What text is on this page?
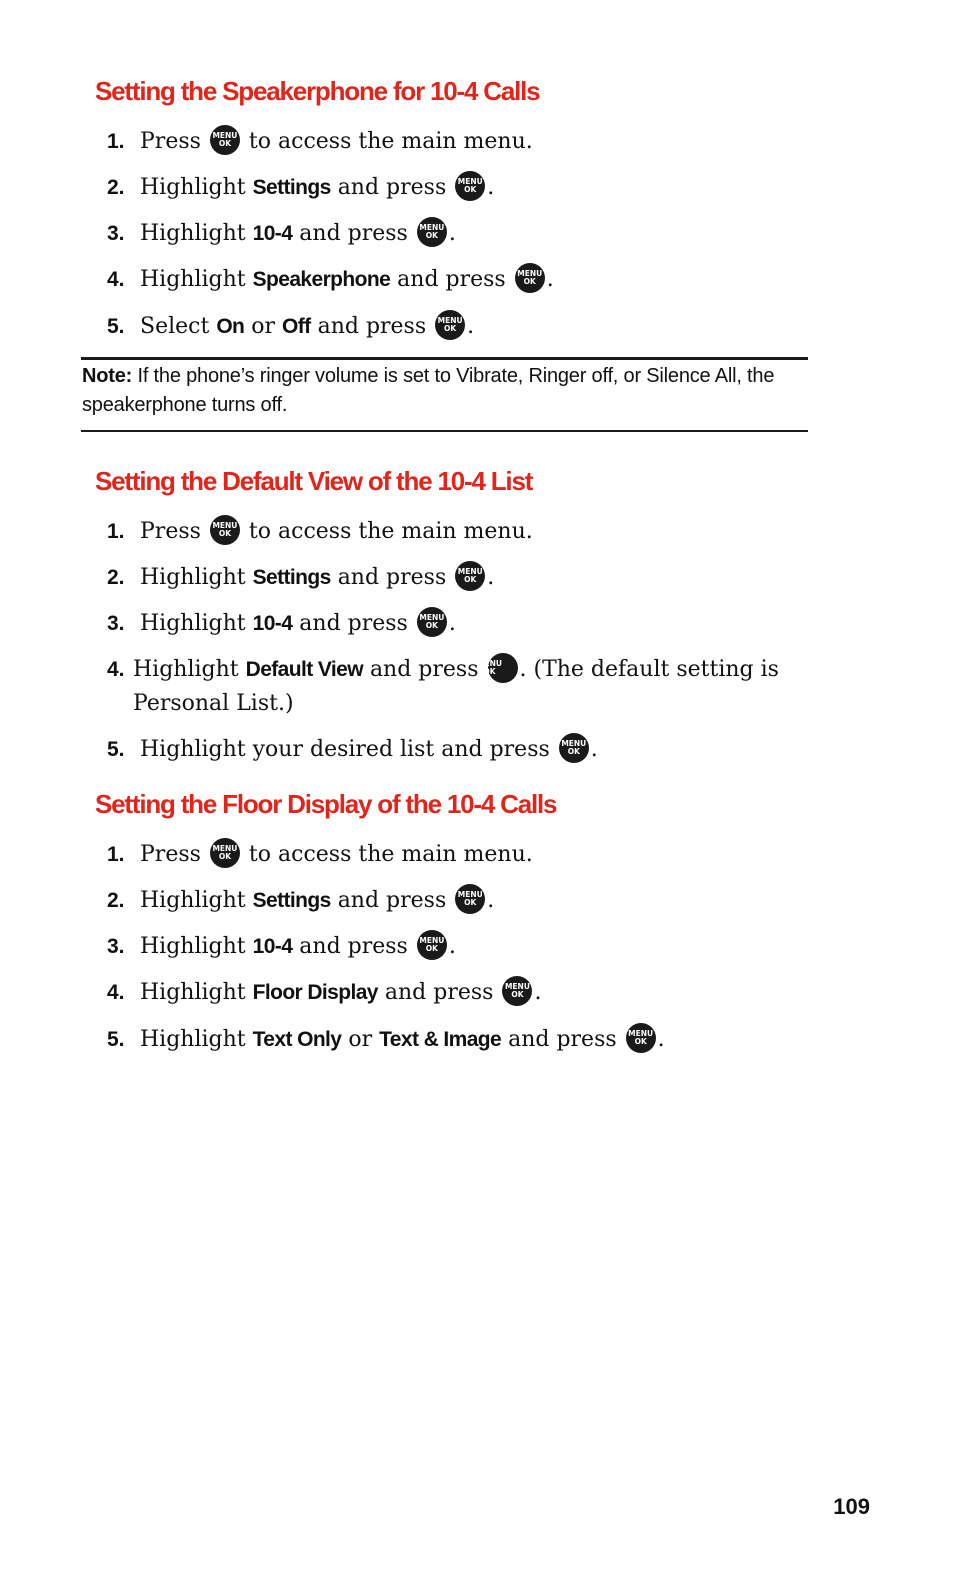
Setting the Speakerphone for 10-4 Calls
1. Press	MENU
OK to access the main menu.
2. Highlight Settings and press	MENU
OK .
3. Highlight 10-4 and press	MENU
OK .
4. Highlight Speakerphone and press	MENU
OK .
5. Select On or Off and press	MENU
OK .
Note: If the phone’s ringer volume is set to Vibrate, Ringer off, or Silence All, the speakerphone turns off.
Setting the Default View of the 10-4 List
1. Press	MENU
OK to access the main menu.
2. Highlight Settings and press	MENU
OK .
3. Highlight 10-4 and press	MENU
OK .
4. Highlight Default View and press
MENU
OK	. (The default setting is Personal List.)
5. Highlight your desired list and press	MENU
OK .
Setting the Floor Display of the 10-4 Calls
1. Press	MENU
OK to access the main menu.
2. Highlight Settings and press	MENU
OK .
3. Highlight 10-4 and press	MENU
OK .
4. Highlight Floor Display and press	MENU
OK .
5. Highlight Text Only or Text & Image and press	MENU
OK .
109
